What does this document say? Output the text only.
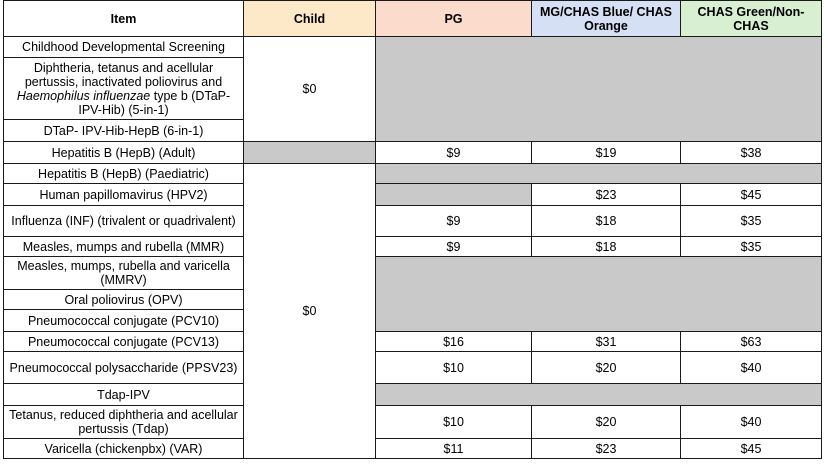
Item	Child	PG	MG/CHAS Blue/ CHAS Orange	CHAS Green/Non-CHAS
Childhood Developmental Screening	$0			
Diphtheria, tetanus and acellular pertussis, inactivated poliovirus and Haemophilus influenzae type b (DTaP- IPV-Hib) (5-in-1)				
DTaP- IPV-Hib-HepB (6-in-1)				
Hepatitis B (HepB) (Adult)		$9	$19	$38
Hepatitis B (HepB) (Paediatric)	$0			
Human papillomavirus (HPV2)			$23	$45
Influenza (INF) (trivalent or quadrivalent)		$9	$18	$35
Measles, mumps and rubella (MMR)		$9	$18	$35
Measles, mumps, rubella and varicella (MMRV)				
Oral poliovirus (OPV)				
Pneumococcal conjugate (PCV10)				
Pneumococcal conjugate (PCV13)		$16	$31	$63
Pneumococcal polysaccharide (PPSV23)		$10	$20	$40
Tdap-IPV				
Tetanus, reduced diphtheria and acellular pertussis (Tdap)		$10	$20	$40
Varicella (chickenpbx) (VAR)		$11	$23	$45
